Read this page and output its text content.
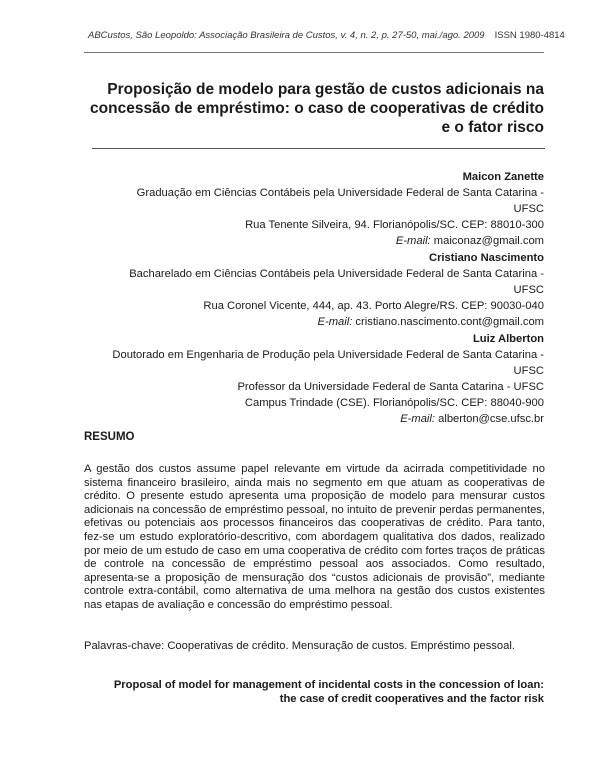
ABCustos, São Leopoldo: Associação Brasileira de Custos, v. 4, n. 2, p. 27-50, mai./ago. 2009 ISSN 1980-4814
Proposição de modelo para gestão de custos adicionais na
concessão de empréstimo: o caso de cooperativas de crédito
e o fator risco
Maicon Zanette
Graduação em Ciências Contábeis pela Universidade Federal de Santa Catarina -
UFSC
Rua Tenente Silveira, 94. Florianópolis/SC. CEP: 88010-300
E-mail: maiconaz@gmail.com
Cristiano Nascimento
Bacharelado em Ciências Contábeis pela Universidade Federal de Santa Catarina -
UFSC
Rua Coronel Vicente, 444, ap. 43. Porto Alegre/RS. CEP: 90030-040
E-mail: cristiano.nascimento.cont@gmail.com
Luiz Alberton
Doutorado em Engenharia de Produção pela Universidade Federal de Santa Catarina -
UFSC
Professor da Universidade Federal de Santa Catarina - UFSC
Campus Trindade (CSE). Florianópolis/SC. CEP: 88040-900
E-mail: alberton@cse.ufsc.br
RESUMO
A gestão dos custos assume papel relevante em virtude da acirrada competitividade no sistema financeiro brasileiro, ainda mais no segmento em que atuam as cooperativas de crédito. O presente estudo apresenta uma proposição de modelo para mensurar custos adicionais na concessão de empréstimo pessoal, no intuito de prevenir perdas permanentes, efetivas ou potenciais aos processos financeiros das cooperativas de crédito. Para tanto, fez-se um estudo exploratório-descritivo, com abordagem qualitativa dos dados, realizado por meio de um estudo de caso em uma cooperativa de crédito com fortes traços de práticas de controle na concessão de empréstimo pessoal aos associados. Como resultado, apresenta-se a proposição de mensuração dos “custos adicionais de provisão”, mediante controle extra-contábil, como alternativa de uma melhora na gestão dos custos existentes nas etapas de avaliação e concessão do empréstimo pessoal.
Palavras-chave: Cooperativas de crédito. Mensuração de custos. Empréstimo pessoal.
Proposal of model for management of incidental costs in the concession of loan:
the case of credit cooperatives and the factor risk
